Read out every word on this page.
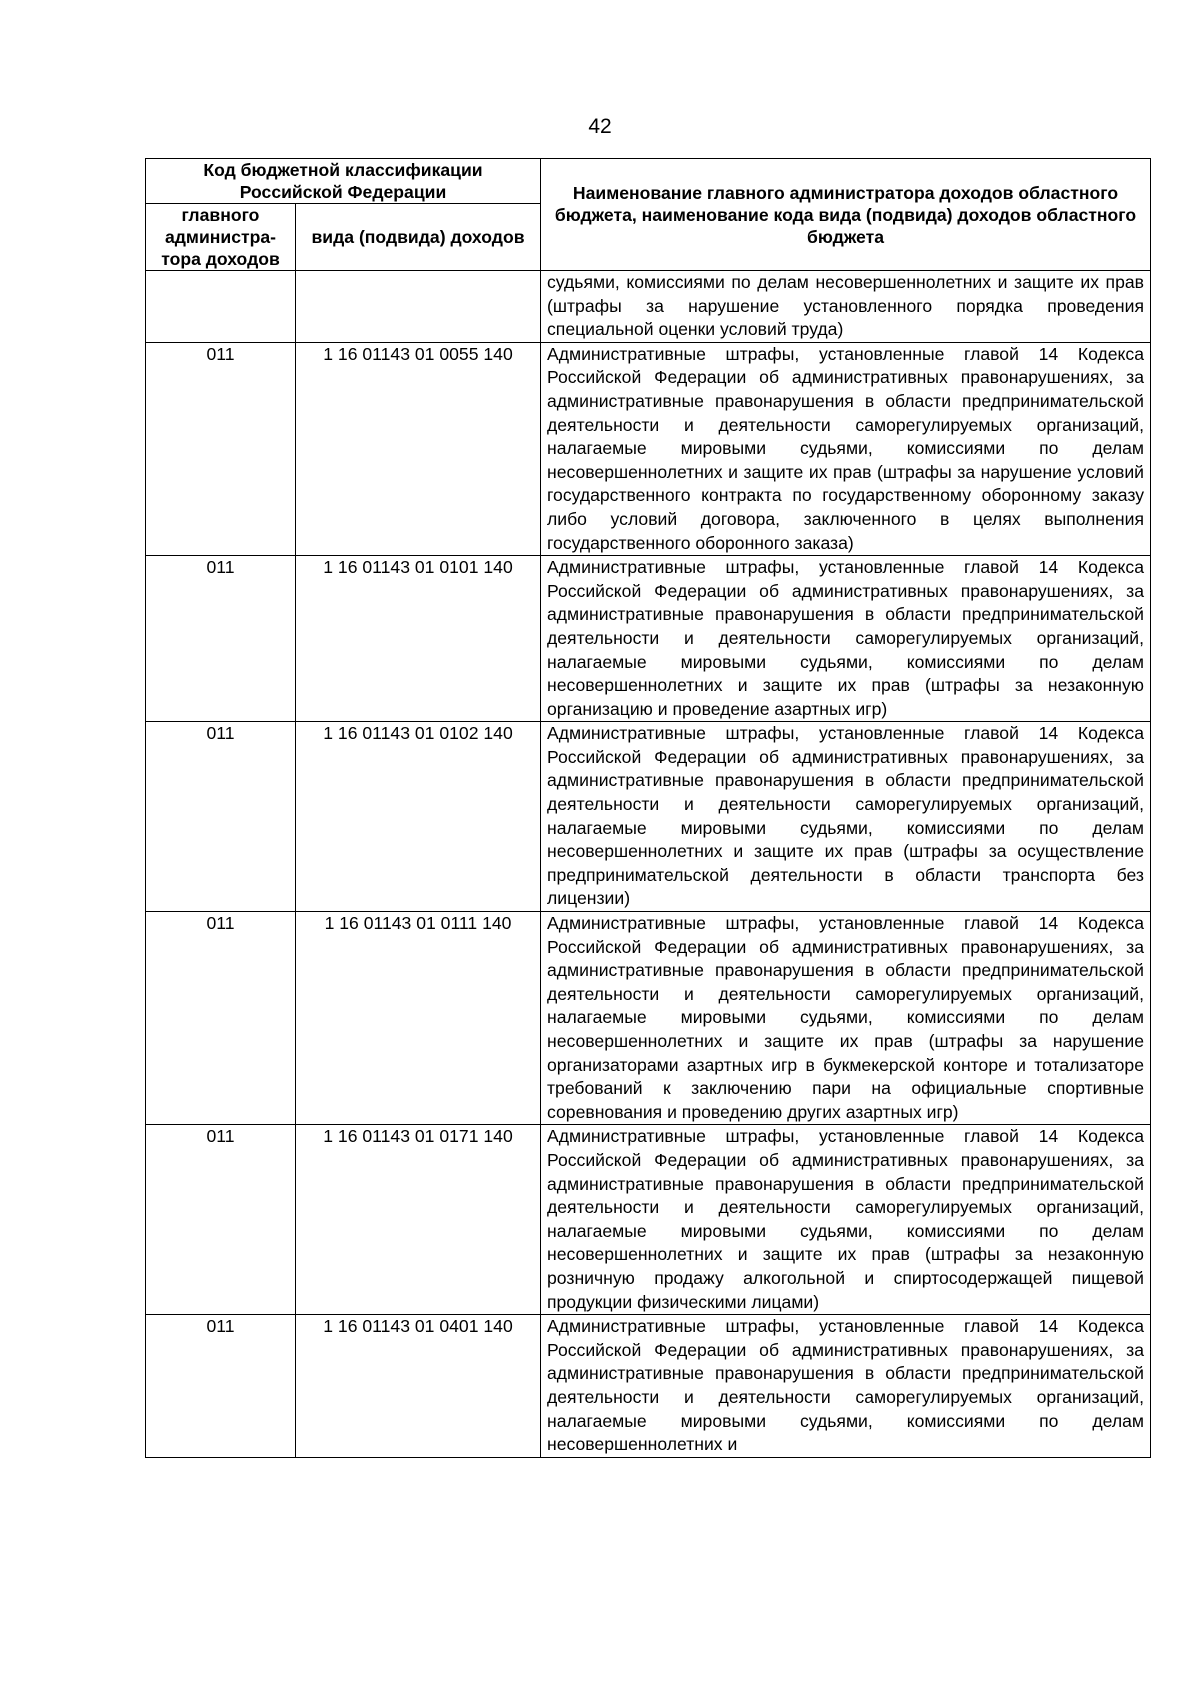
42
Код бюджетной классификации Российской Федерации		Наименование главного администратора доходов областного бюджета, наименование кода вида (подвида) доходов областного бюджета
главного администра-тора доходов	вида (подвида) доходов	

		судьями, комиссиями по делам несовершеннолетних и защите их прав (штрафы за нарушение установленного порядка проведения специальной оценки условий труда)

011	1 16 01143 01 0055 140	Административные штрафы, установленные главой 14 Кодекса Российской Федерации об административных правонарушениях, за административные правонарушения в области предпринимательской деятельности и деятельности саморегулируемых организаций, налагаемые мировыми судьями, комиссиями по делам несовершеннолетних и защите их прав (штрафы за нарушение условий государственного контракта по государственному оборонному заказу либо условий договора, заключенного в целях выполнения государственного оборонного заказа)

011	1 16 01143 01 0101 140	Административные штрафы, установленные главой 14 Кодекса Российской Федерации об административных правонарушениях, за административные правонарушения в области предпринимательской деятельности и деятельности саморегулируемых организаций, налагаемые мировыми судьями, комиссиями по делам несовершеннолетних и защите их прав (штрафы за незаконную организацию и проведение азартных игр)

011	1 16 01143 01 0102 140	Административные штрафы, установленные главой 14 Кодекса Российской Федерации об административных правонарушениях, за административные правонарушения в области предпринимательской деятельности и деятельности саморегулируемых организаций, налагаемые мировыми судьями, комиссиями по делам несовершеннолетних и защите их прав (штрафы за осуществление предпринимательской деятельности в области транспорта без лицензии)

011	1 16 01143 01 0111 140	Административные штрафы, установленные главой 14 Кодекса Российской Федерации об административных правонарушениях, за административные правонарушения в области предпринимательской деятельности и деятельности саморегулируемых организаций, налагаемые мировыми судьями, комиссиями по делам несовершеннолетних и защите их прав (штрафы за нарушение организаторами азартных игр в букмекерской конторе и тотализаторе требований к заключению пари на официальные спортивные соревнования и проведению других азартных игр)

011	1 16 01143 01 0171 140	Административные штрафы, установленные главой 14 Кодекса Российской Федерации об административных правонарушениях, за административные правонарушения в области предпринимательской деятельности и деятельности саморегулируемых организаций, налагаемые мировыми судьями, комиссиями по делам несовершеннолетних и защите их прав (штрафы за незаконную розничную продажу алкогольной и спиртосодержащей пищевой продукции физическими лицами)

011	1 16 01143 01 0401 140	Административные штрафы, установленные главой 14 Кодекса Российской Федерации об административных правонарушениях, за административные правонарушения в области предпринимательской деятельности и деятельности саморегулируемых организаций, налагаемые мировыми судьями, комиссиями по делам несовершеннолетних и
